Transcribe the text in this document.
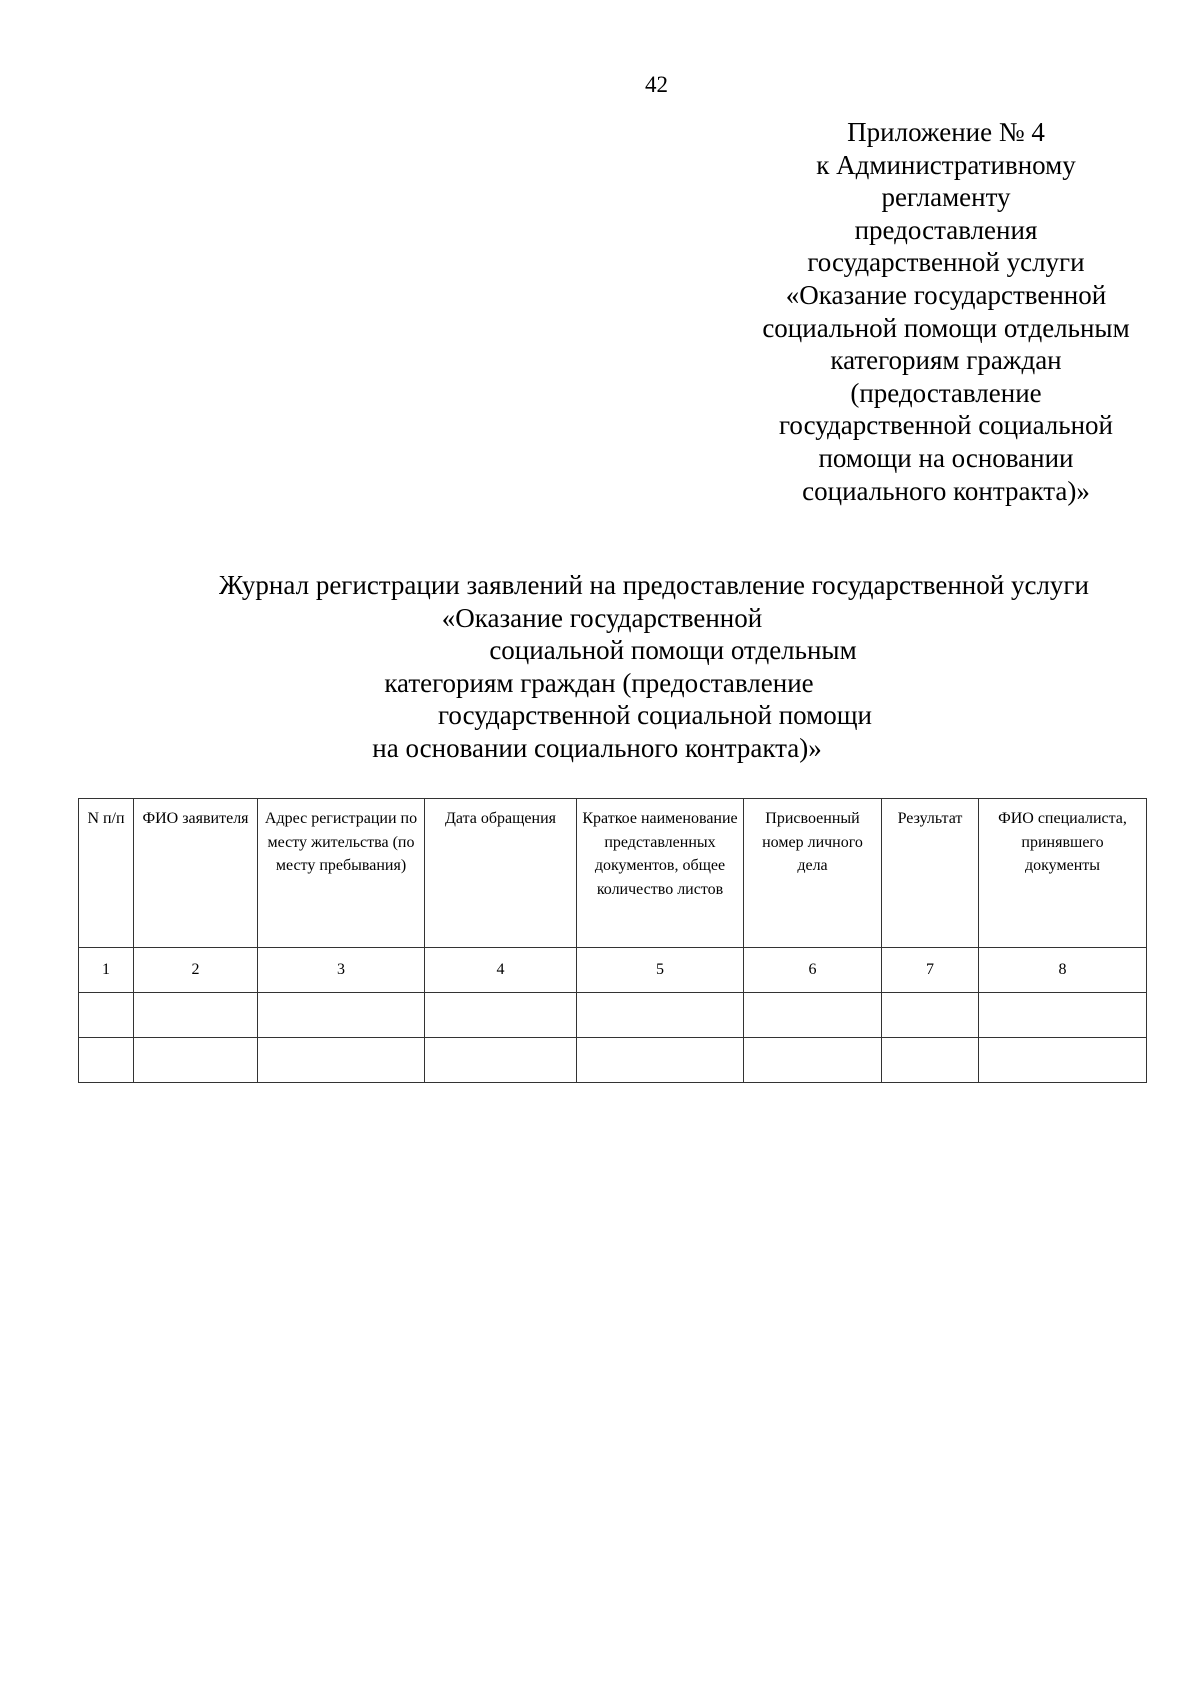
42
Приложение № 4
к Административному
регламенту
предоставления
государственной услуги
«Оказание государственной
социальной помощи отдельным
категориям граждан
(предоставление
государственной социальной
помощи на основании
социального контракта)»
Журнал регистрации заявлений на предоставление государственной услуги
«Оказание государственной
социальной помощи отдельным
категориям граждан (предоставление
государственной социальной помощи
на основании социального контракта)»
N п/п	ФИО заявителя	Адрес регистрации по месту жительства (по месту пребывания)	Дата обращения	Краткое наименование представленных документов, общее количество листов	Присвоенный номер личного дела	Результат	ФИО специалиста, принявшего документы
1	2	3	4	5	6	7	8
